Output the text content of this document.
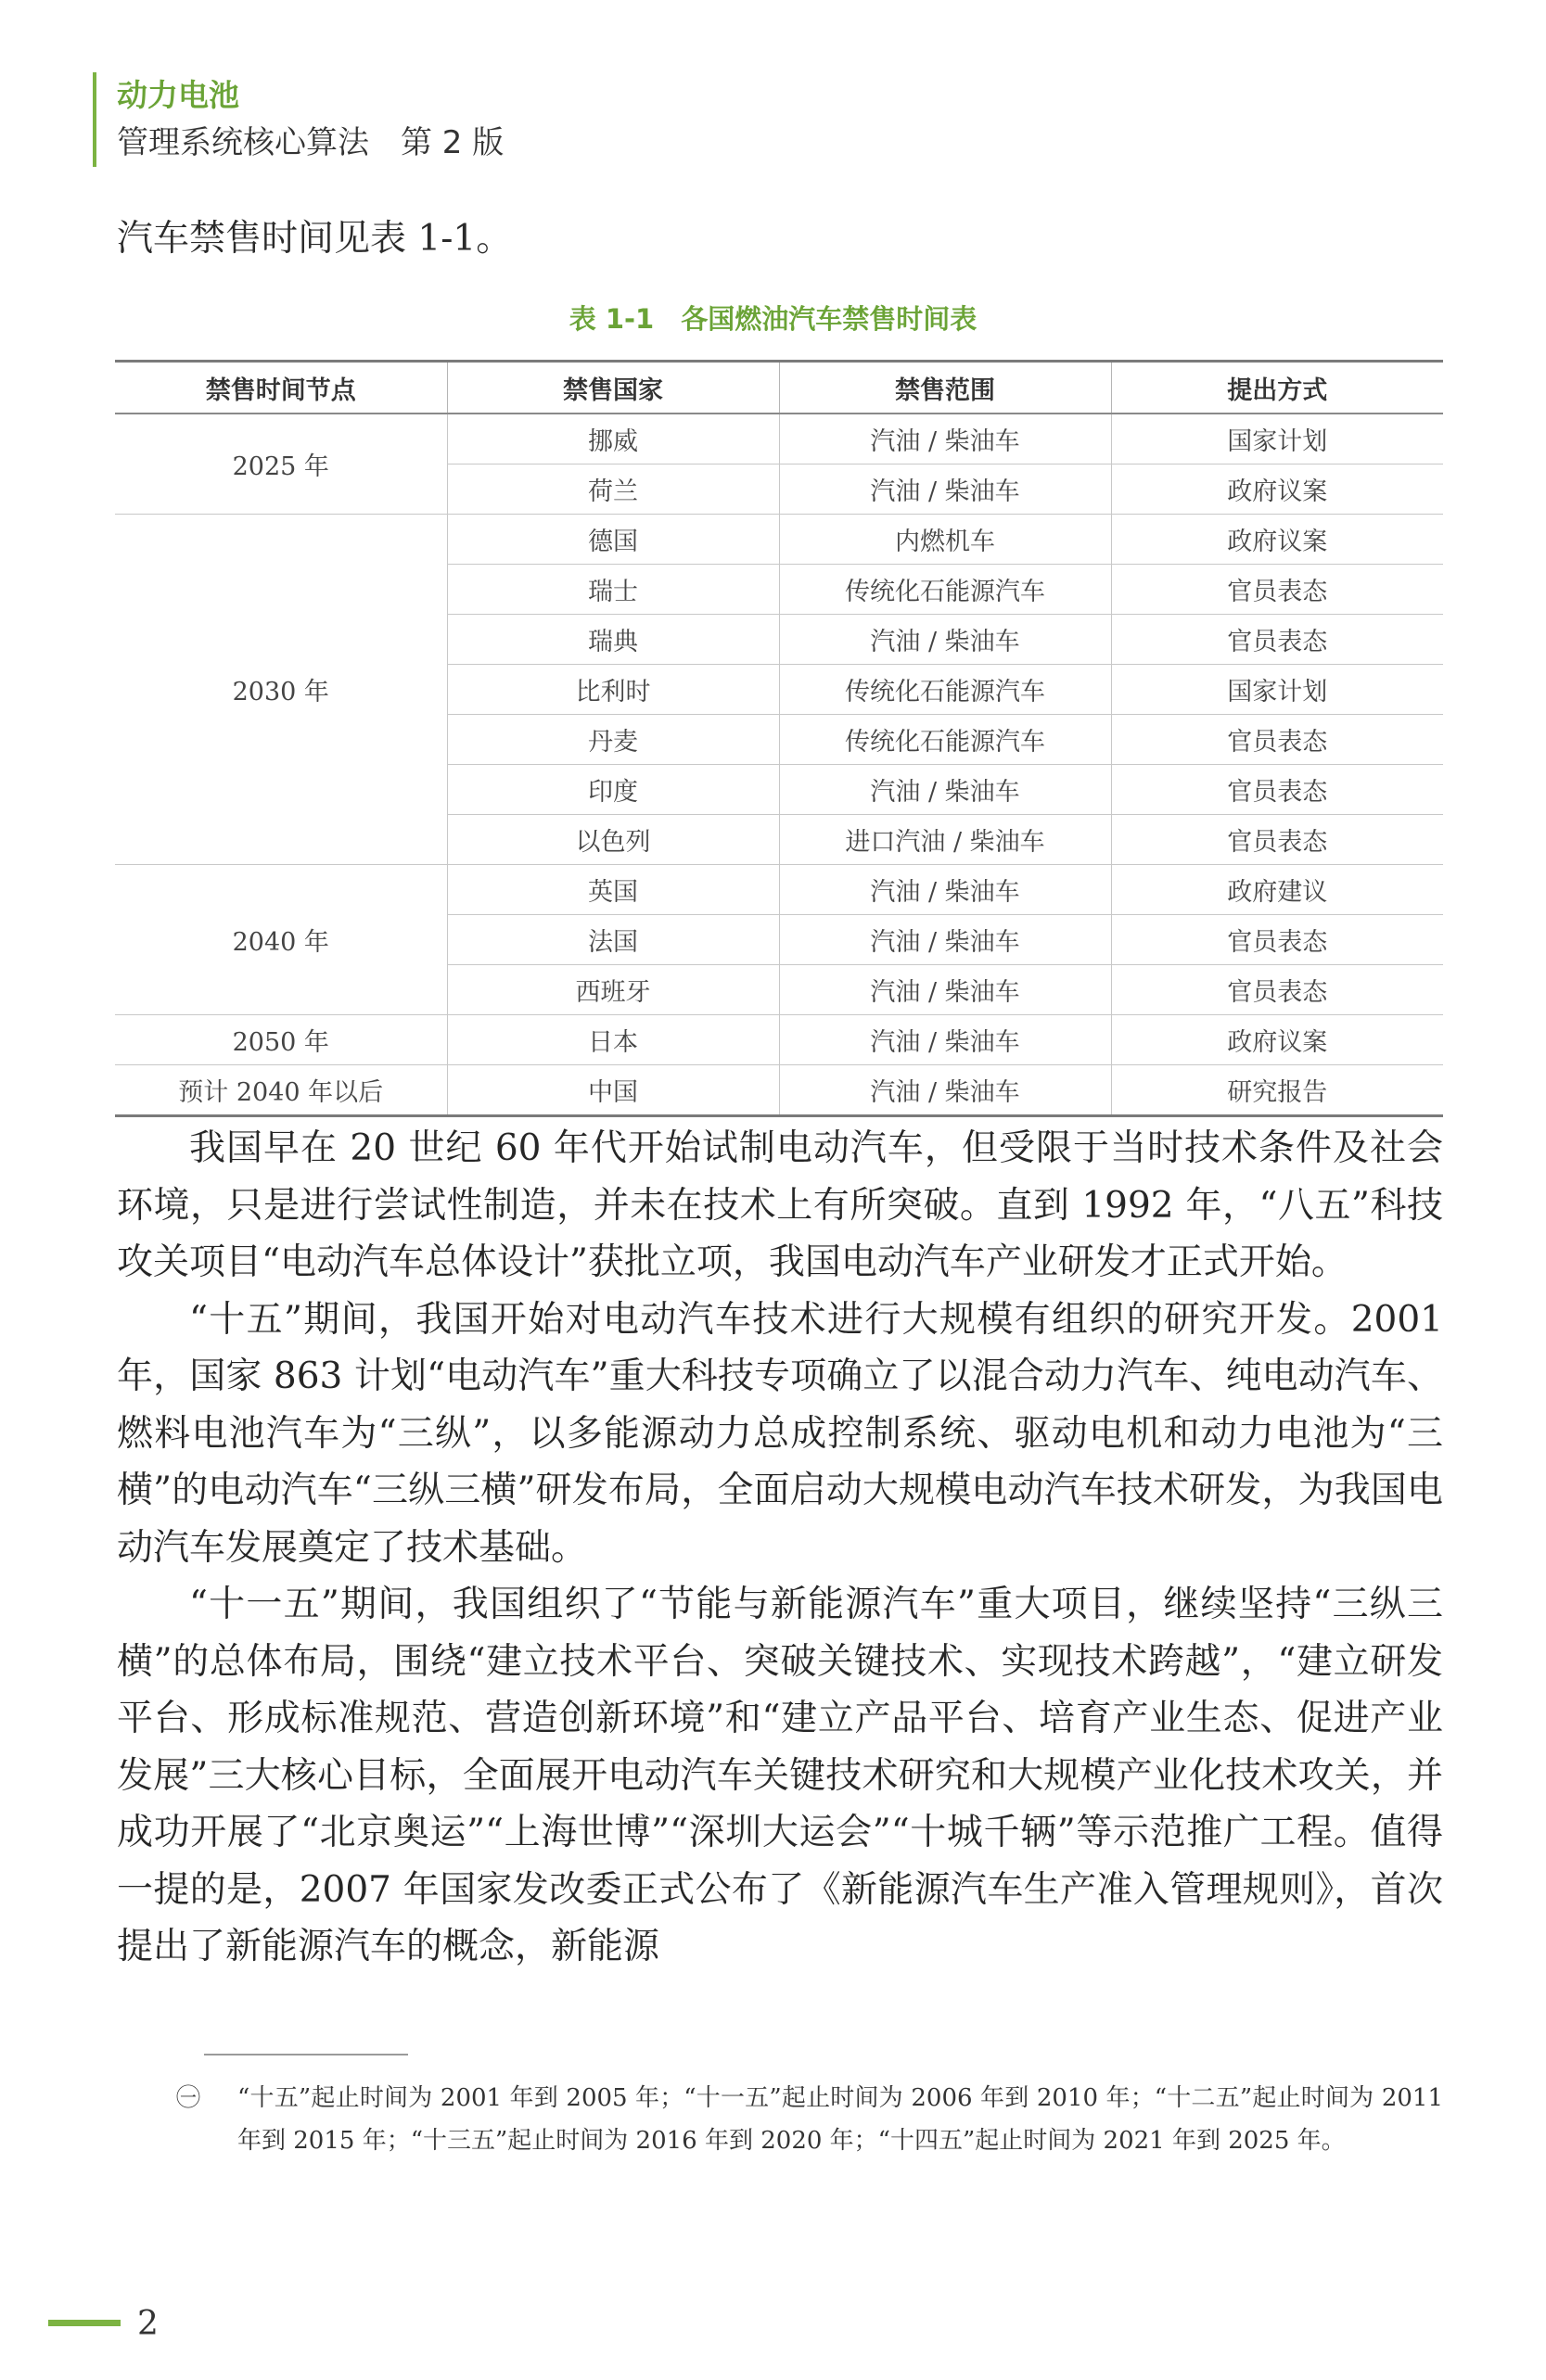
动力电池
管理系统核心算法　第 2 版
汽车禁售时间见表 1-1。
表 1-1　各国燃油汽车禁售时间表
禁售时间节点	禁售国家	禁售范围	提出方式
2025 年	挪威	汽油 / 柴油车	国家计划
	荷兰	汽油 / 柴油车	政府议案
2030 年	德国	内燃机车	政府议案
	瑞士	传统化石能源汽车	官员表态
	瑞典	汽油 / 柴油车	官员表态
	比利时	传统化石能源汽车	国家计划
	丹麦	传统化石能源汽车	官员表态
	印度	汽油 / 柴油车	官员表态
	以色列	进口汽油 / 柴油车	官员表态
2040 年	英国	汽油 / 柴油车	政府建议
	法国	汽油 / 柴油车	官员表态
	西班牙	汽油 / 柴油车	官员表态
2050 年	日本	汽油 / 柴油车	政府议案
预计 2040 年以后	中国	汽油 / 柴油车	研究报告

我国早在 20 世纪 60 年代开始试制电动汽车，但受限于当时技术条件及社会环境，只是进行尝试性制造，并未在技术上有所突破。直到 1992 年，“八五”科技攻关项目“电动汽车总体设计”获批立项，我国电动汽车产业研发才正式开始。

“十五”期间，我国开始对电动汽车技术进行大规模有组织的研究开发。2001 年，国家 863 计划“电动汽车”重大科技专项确立了以混合动力汽车、纯电动汽车、燃料电池汽车为“三纵”，以多能源动力总成控制系统、驱动电机和动力电池为“三横”的电动汽车“三纵三横”研发布局，全面启动大规模电动汽车技术研发，为我国电动汽车发展奠定了技术基础。

“十一五”期间，我国组织了“节能与新能源汽车”重大项目，继续坚持“三纵三横”的总体布局，围绕“建立技术平台、突破关键技术、实现技术跨越”，“建立研发平台、形成标准规范、营造创新环境”和“建立产品平台、培育产业生态、促进产业发展”三大核心目标，全面展开电动汽车关键技术研究和大规模产业化技术攻关，并成功开展了“北京奥运”“上海世博”“深圳大运会”“十城千辆”等示范推广工程。值得一提的是，2007 年国家发改委正式公布了《新能源汽车生产准入管理规则》，首次提出了新能源汽车的概念，新能源

㊀ “十五”起止时间为 2001 年到 2005 年；“十一五”起止时间为 2006 年到 2010 年；“十二五”起止时间为 2011 年到 2015 年；“十三五”起止时间为 2016 年到 2020 年；“十四五”起止时间为 2021 年到 2025 年。
2
